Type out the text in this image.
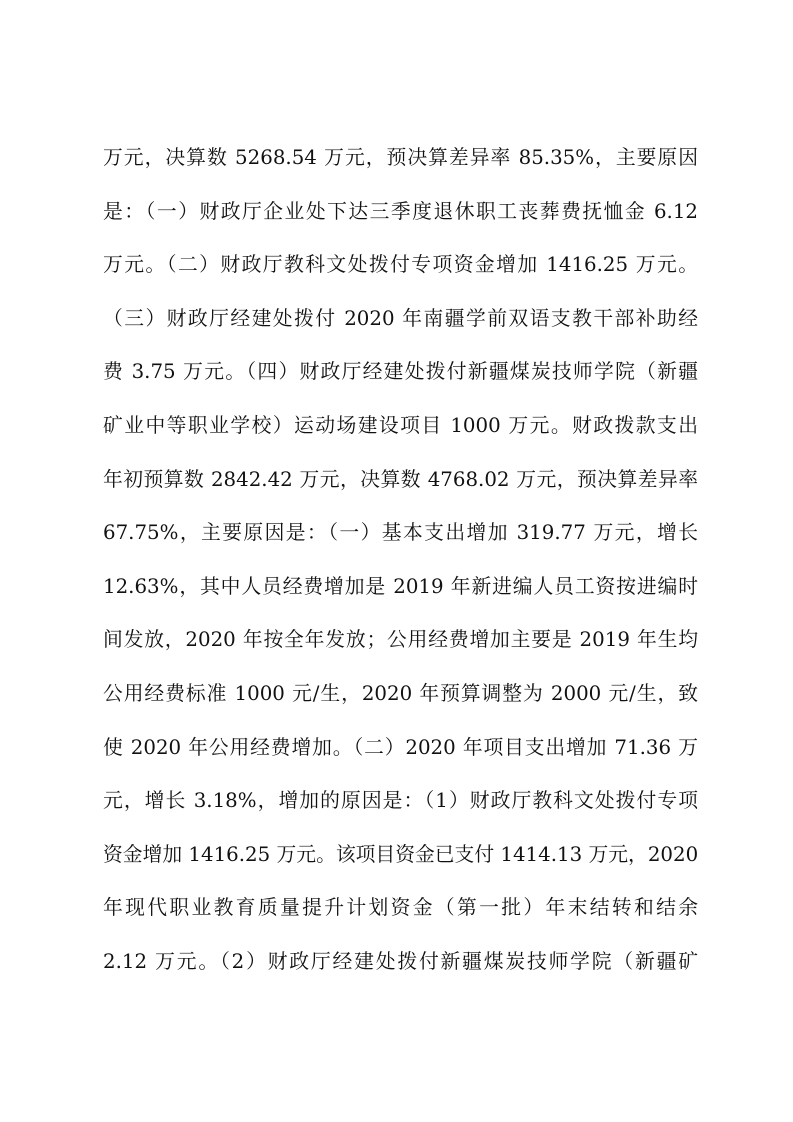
万元，决算数 5268.54 万元，预决算差异率 85.35%，主要原因
是：（一）财政厅企业处下达三季度退休职工丧葬费抚恤金 6.12
万元。（二）财政厅教科文处拨付专项资金增加 1416.25 万元。
（三）财政厅经建处拨付 2020 年南疆学前双语支教干部补助经
费 3.75 万元。（四）财政厅经建处拨付新疆煤炭技师学院（新疆
矿业中等职业学校）运动场建设项目 1000 万元。财政拨款支出
年初预算数 2842.42 万元，决算数 4768.02 万元，预决算差异率
67.75%，主要原因是：（一）基本支出增加 319.77 万元，增长
12.63%，其中人员经费增加是 2019 年新进编人员工资按进编时
间发放，2020 年按全年发放；公用经费增加主要是 2019 年生均
公用经费标准 1000 元/生，2020 年预算调整为 2000 元/生，致
使 2020 年公用经费增加。（二）2020 年项目支出增加 71.36 万
元，增长 3.18%，增加的原因是：（1）财政厅教科文处拨付专项
资金增加 1416.25 万元。该项目资金已支付 1414.13 万元，2020
年现代职业教育质量提升计划资金（第一批）年末结转和结余
2.12 万元。（2）财政厅经建处拨付新疆煤炭技师学院（新疆矿
